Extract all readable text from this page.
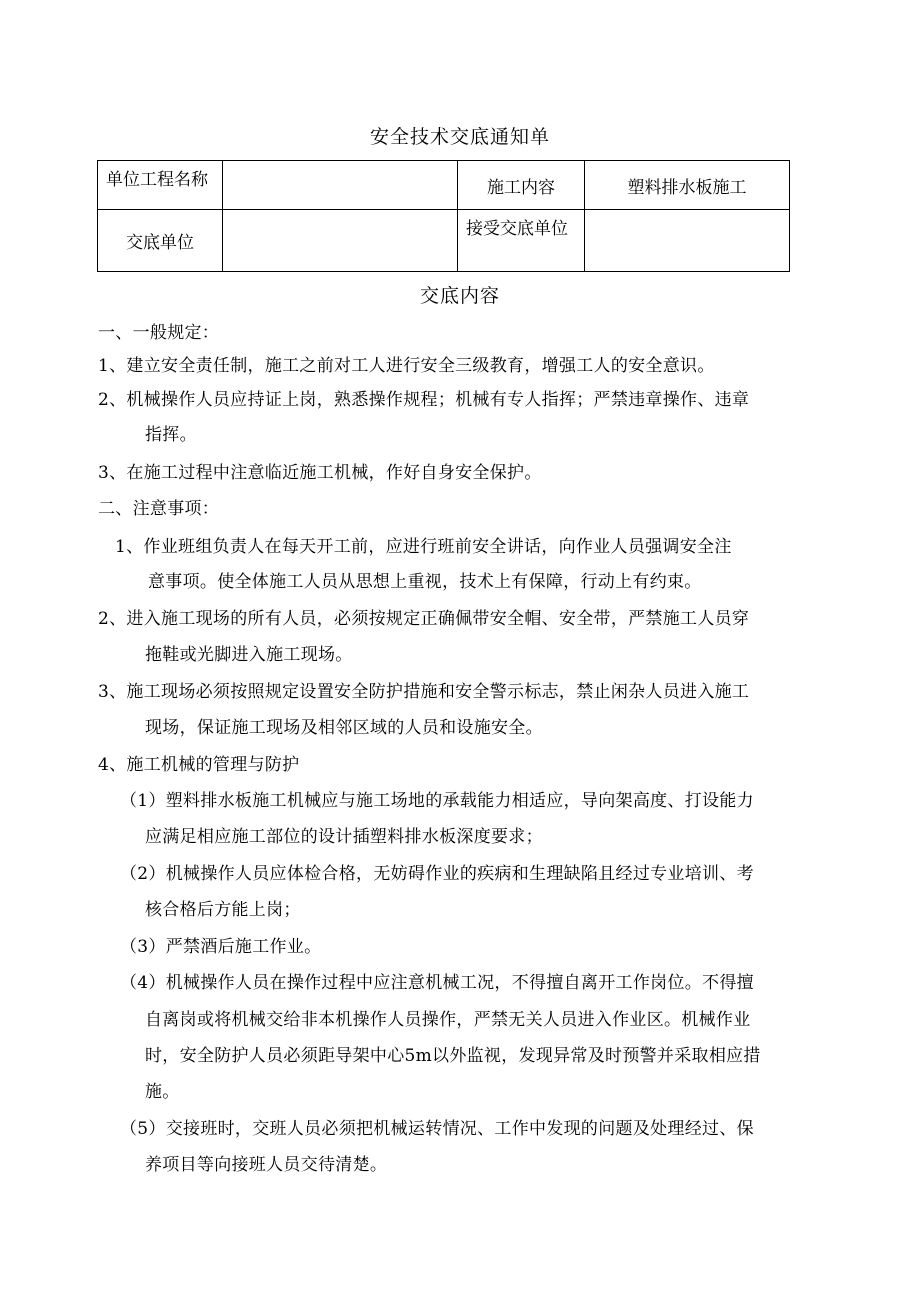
安全技术交底通知单
单位工程名称		施工内容	塑料排水板施工
交底单位		接受交底单位	
交底内容
一、一般规定：
1、建立安全责任制，施工之前对工人进行安全三级教育，增强工人的安全意识。
2、机械操作人员应持证上岗，熟悉操作规程；机械有专人指挥；严禁违章操作、违章
指挥。
3、在施工过程中注意临近施工机械，作好自身安全保护。
二、注意事项：
1、作业班组负责人在每天开工前，应进行班前安全讲话，向作业人员强调安全注
意事项。使全体施工人员从思想上重视，技术上有保障，行动上有约束。
2、进入施工现场的所有人员，必须按规定正确佩带安全帽、安全带，严禁施工人员穿
拖鞋或光脚进入施工现场。
3、施工现场必须按照规定设置安全防护措施和安全警示标志，禁止闲杂人员进入施工
现场，保证施工现场及相邻区域的人员和设施安全。
4、施工机械的管理与防护
（1）塑料排水板施工机械应与施工场地的承载能力相适应，导向架高度、打设能力
应满足相应施工部位的设计插塑料排水板深度要求；
（2）机械操作人员应体检合格，无妨碍作业的疾病和生理缺陷且经过专业培训、考
核合格后方能上岗；
（3）严禁酒后施工作业。
（4）机械操作人员在操作过程中应注意机械工况，不得擅自离开工作岗位。不得擅
自离岗或将机械交给非本机操作人员操作，严禁无关人员进入作业区。机械作业
时，安全防护人员必须距导架中心5m以外监视，发现异常及时预警并采取相应措
施。
（5）交接班时，交班人员必须把机械运转情况、工作中发现的问题及处理经过、保
养项目等向接班人员交待清楚。
